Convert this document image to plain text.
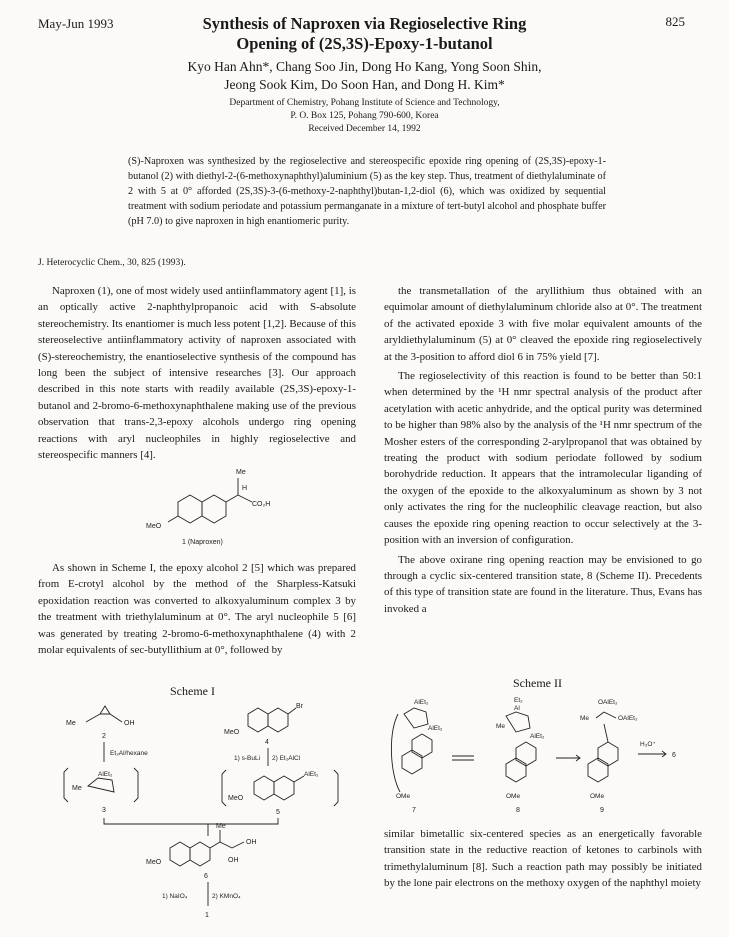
May-Jun 1993	825
Synthesis of Naproxen via Regioselective Ring
Opening of (2S,3S)-Epoxy-1-butanol
Kyo Han Ahn*, Chang Soo Jin, Dong Ho Kang, Yong Soon Shin,
Jeong Sook Kim, Do Soon Han, and Dong H. Kim*
Department of Chemistry, Pohang Institute of Science and Technology,
P. O. Box 125, Pohang 790-600, Korea
Received December 14, 1992
(S)-Naproxen was synthesized by the regioselective and stereospecific epoxide ring opening of (2S,3S)-epoxy-1-butanol (2) with diethyl-2-(6-methoxynaphthyl)aluminium (5) as the key step. Thus, treatment of diethylaluminate of 2 with 5 at 0° afforded (2S,3S)-3-(6-methoxy-2-naphthyl)butan-1,2-diol (6), which was oxidized by sequential treatment with sodium periodate and potassium permanganate in a mixture of tert-butyl alcohol and phosphate buffer (pH 7.0) to give naproxen in high enantiomeric purity.
J. Heterocyclic Chem., 30, 825 (1993).

Naproxen (1), one of most widely used antiinflammatory agent [1], is an optically active 2-naphthylpropanoic acid with S-absolute stereochemistry. Its enantiomer is much less potent [1,2]. Because of this stereoselective antiinflammatory activity of naproxen associated with (S)-stereochemistry, the enantioselective synthesis of the compound has long been the subject of intensive researches [3]. Our approach described in this note starts with readily available (2S,3S)-epoxy-1-butanol and 2-bromo-6-methoxynaphthalene making use of the previous observation that trans-2,3-epoxy alcohols undergo ring opening reactions with aryl nucleophiles in highly regioselective and stereospecific manners [4].

Me
H
CO₂H
MeO
1 (Naproxen)

As shown in Scheme I, the epoxy alcohol 2 [5] which was prepared from E-crotyl alcohol by the method of the Sharpless-Katsuki epoxidation reaction was converted to alkoxyaluminum complex 3 by the treatment with triethylaluminum at 0°. The aryl nucleophile 5 [6] was generated by treating 2-bromo-6-methoxynaphthalene (4) with 2 molar equivalents of sec-butyllithium at 0°, followed by

Scheme I
Me	OH
2
Et₃Al/hexane
Me
AlEt₂
3
Br
MeO
4
1) s-BuLi 2) Et₂AlCl
AlEt₂
MeO
5
Me
OH
OH
MeO
6
1) NaIO₄	2) KMnO₄
1

the transmetallation of the aryllithium thus obtained with an equimolar amount of diethylaluminum chloride also at 0°. The treatment of the activated epoxide 3 with five molar equivalent amounts of the aryldiethylaluminum (5) at 0° cleaved the epoxide ring regioselectively at the 3-position to afford diol 6 in 75% yield [7].

The regioselectivity of this reaction is found to be better than 50:1 when determined by the ¹H nmr spectral analysis of the product after acetylation with acetic anhydride, and the optical purity was determined to be higher than 98% also by the analysis of the ¹H nmr spectrum of the Mosher esters of the corresponding 2-arylpropanol that was obtained by treating the product with sodium periodate followed by sodium borohydride reduction. It appears that the intramolecular liganding of the oxygen of the epoxide to the alkoxyaluminum as shown by 3 not only activates the ring for the nucleophilic cleavage reaction, but also causes the epoxide ring opening reaction to occur selectively at the 3-position with an inversion of configuration.

The above oxirane ring opening reaction may be envisioned to go through a cyclic six-centered transition state, 8 (Scheme II). Precedents of this type of transition state are found in the literature. Thus, Evans has invoked a

Scheme II
AlEt₂
AlEt₂
OMe
7
Et₂
Al
Me
AlEt₂
OMe
8
OAlEt₂
Me	OAlEt₂
OMe
9
H₃O⁺
6

similar bimetallic six-centered species as an energetically favorable transition state in the reductive reaction of ketones to carbinols with trimethylaluminum [8]. Such a reaction path may possibly be initiated by the lone pair electrons on the methoxy oxygen of the naphthyl moiety
